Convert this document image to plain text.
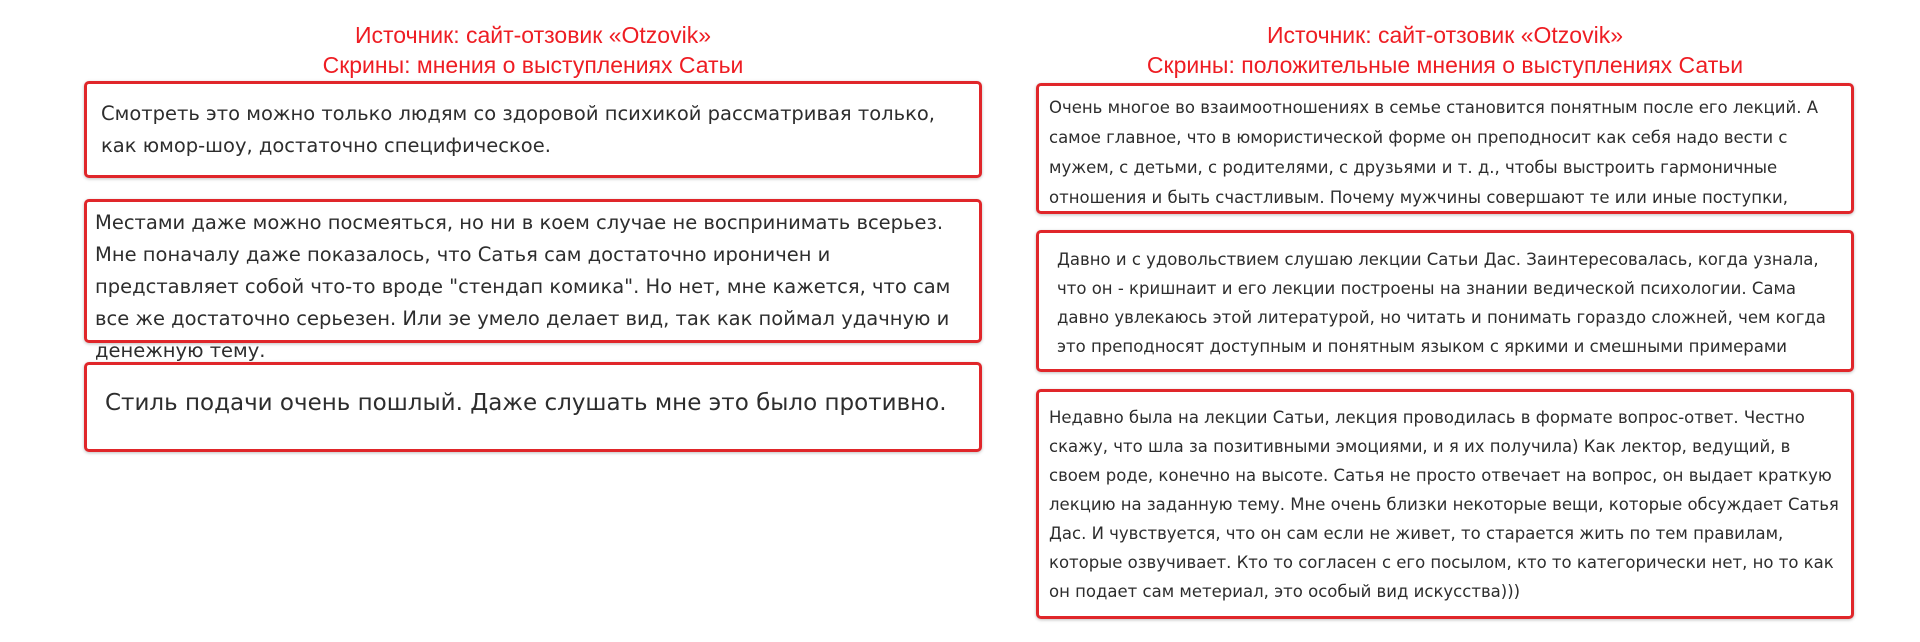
Источник: сайт-отзовик «Otzovik»
Скрины: мнения о выступлениях Сатьи

Смотреть это можно только людям со здоровой психикой рассматривая только, как юмор-шоу, достаточно специфическое.

Местами даже можно посмеяться, но ни в коем случае не воспринимать всерьез. Мне поначалу даже показалось, что Сатья сам достаточно ироничен и представляет собой что-то вроде "стендап комика". Но нет, мне кажется, что сам все же достаточно серьезен. Или эе умело делает вид, так как поймал удачную и денежную тему.

Стиль подачи очень пошлый. Даже слушать мне это было противно.

Источник: сайт-отзовик «Otzovik»
Скрины: положительные мнения о выступлениях Сатьи

Очень многое во взаимоотношениях в семье становится понятным после его лекций. А самое главное, что в юмористической форме он преподносит как себя надо вести с мужем, с детьми, с родителями, с друзьями и т. д., чтобы выстроить гармоничные отношения и быть счастливым. Почему мужчины совершают те или иные поступки,

Давно и с удовольствием слушаю лекции Сатьи Дас. Заинтересовалась, когда узнала, что он - кришнаит и его лекции построены на знании ведической психологии. Сама давно увлекаюсь этой литературой, но читать и понимать гораздо сложней, чем когда это преподносят доступным и понятным языком с яркими и смешными примерами

Недавно была на лекции Сатьи, лекция проводилась в формате вопрос-ответ. Честно скажу, что шла за позитивными эмоциями, и я их получила) Как лектор, ведущий, в своем роде, конечно на высоте. Сатья не просто отвечает на вопрос, он выдает краткую лекцию на заданную тему. Мне очень близки некоторые вещи, которые обсуждает Сатья Дас. И чувствуется, что он сам если не живет, то старается жить по тем правилам, которые озвучивает. Кто то согласен с его посылом, кто то категорически нет, но то как он подает сам метериал, это особый вид искусства)))
